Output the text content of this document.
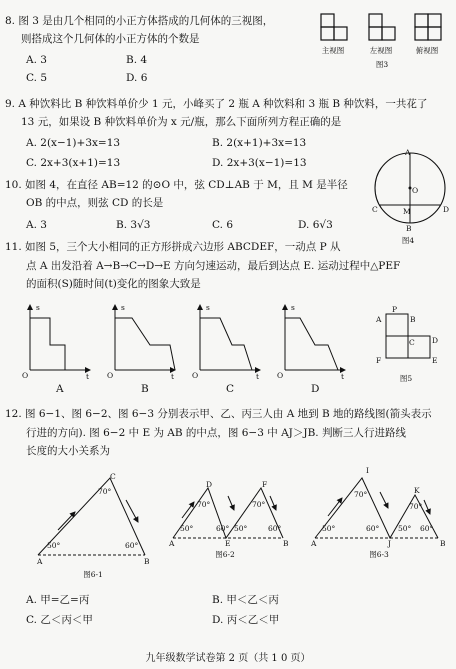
8. 图 3 是由几个相同的小正方体搭成的几何体的三视图，
则搭成这个几何体的小正方体的个数是
A. 3	B. 4
C. 5	D. 6
主视图	左视图	俯视图
图3
9. A 种饮料比 B 种饮料单价少 1 元，小峰买了 2 瓶 A 种饮料和 3 瓶 B 种饮料，一共花了
13 元，如果设 B 种饮料单价为 x 元/瓶，那么下面所列方程正确的是
A. 2(x−1)+3x=13	B. 2(x+1)+3x=13
C. 2x+3(x+1)=13	D. 2x+3(x−1)=13
10. 如图 4，在直径 AB=12 的⊙O 中，弦 CD⊥AB 于 M，且 M 是半径
OB 的中点，则弦 CD 的长是
A. 3	B. 3√3	C. 6	D. 6√3
A
O
M
C	D
B
图4
11. 如图 5，三个大小相同的正方形拼成六边形 ABCDEF，一动点 P 从
点 A 出发沿着 A→B→C→D→E 方向匀速运动，最后到达点 E. 运动过程中△PEF
的面积(S)随时间(t)变化的图象大致是
s	s	s	s
O	O	O	O
t	t	t	t
A	B	C	D
A
P
B
C D
F	E
图5
12. 图 6−1、图 6−2、图 6−3 分别表示甲、乙、丙三人由 A 地到 B 地的路线图(箭头表示
行进的方向). 图 6−2 中 E 为 AB 的中点，图 6−3 中 AJ＞JB. 判断三人行进路线
长度的大小关系为
70°
50°	60°
A	B
C
图6-1
70°	70°
50°	60° 50°	60°
A
D
E
F
B
图6-2
70°
70°
50°	60° 50° 60°
A
I
J
K
B
图6-3
A. 甲=乙=丙	B. 甲＜乙＜丙
C. 乙＜丙＜甲	D. 丙＜乙＜甲
九年级数学试卷第 2 页（共 1 0 页）
